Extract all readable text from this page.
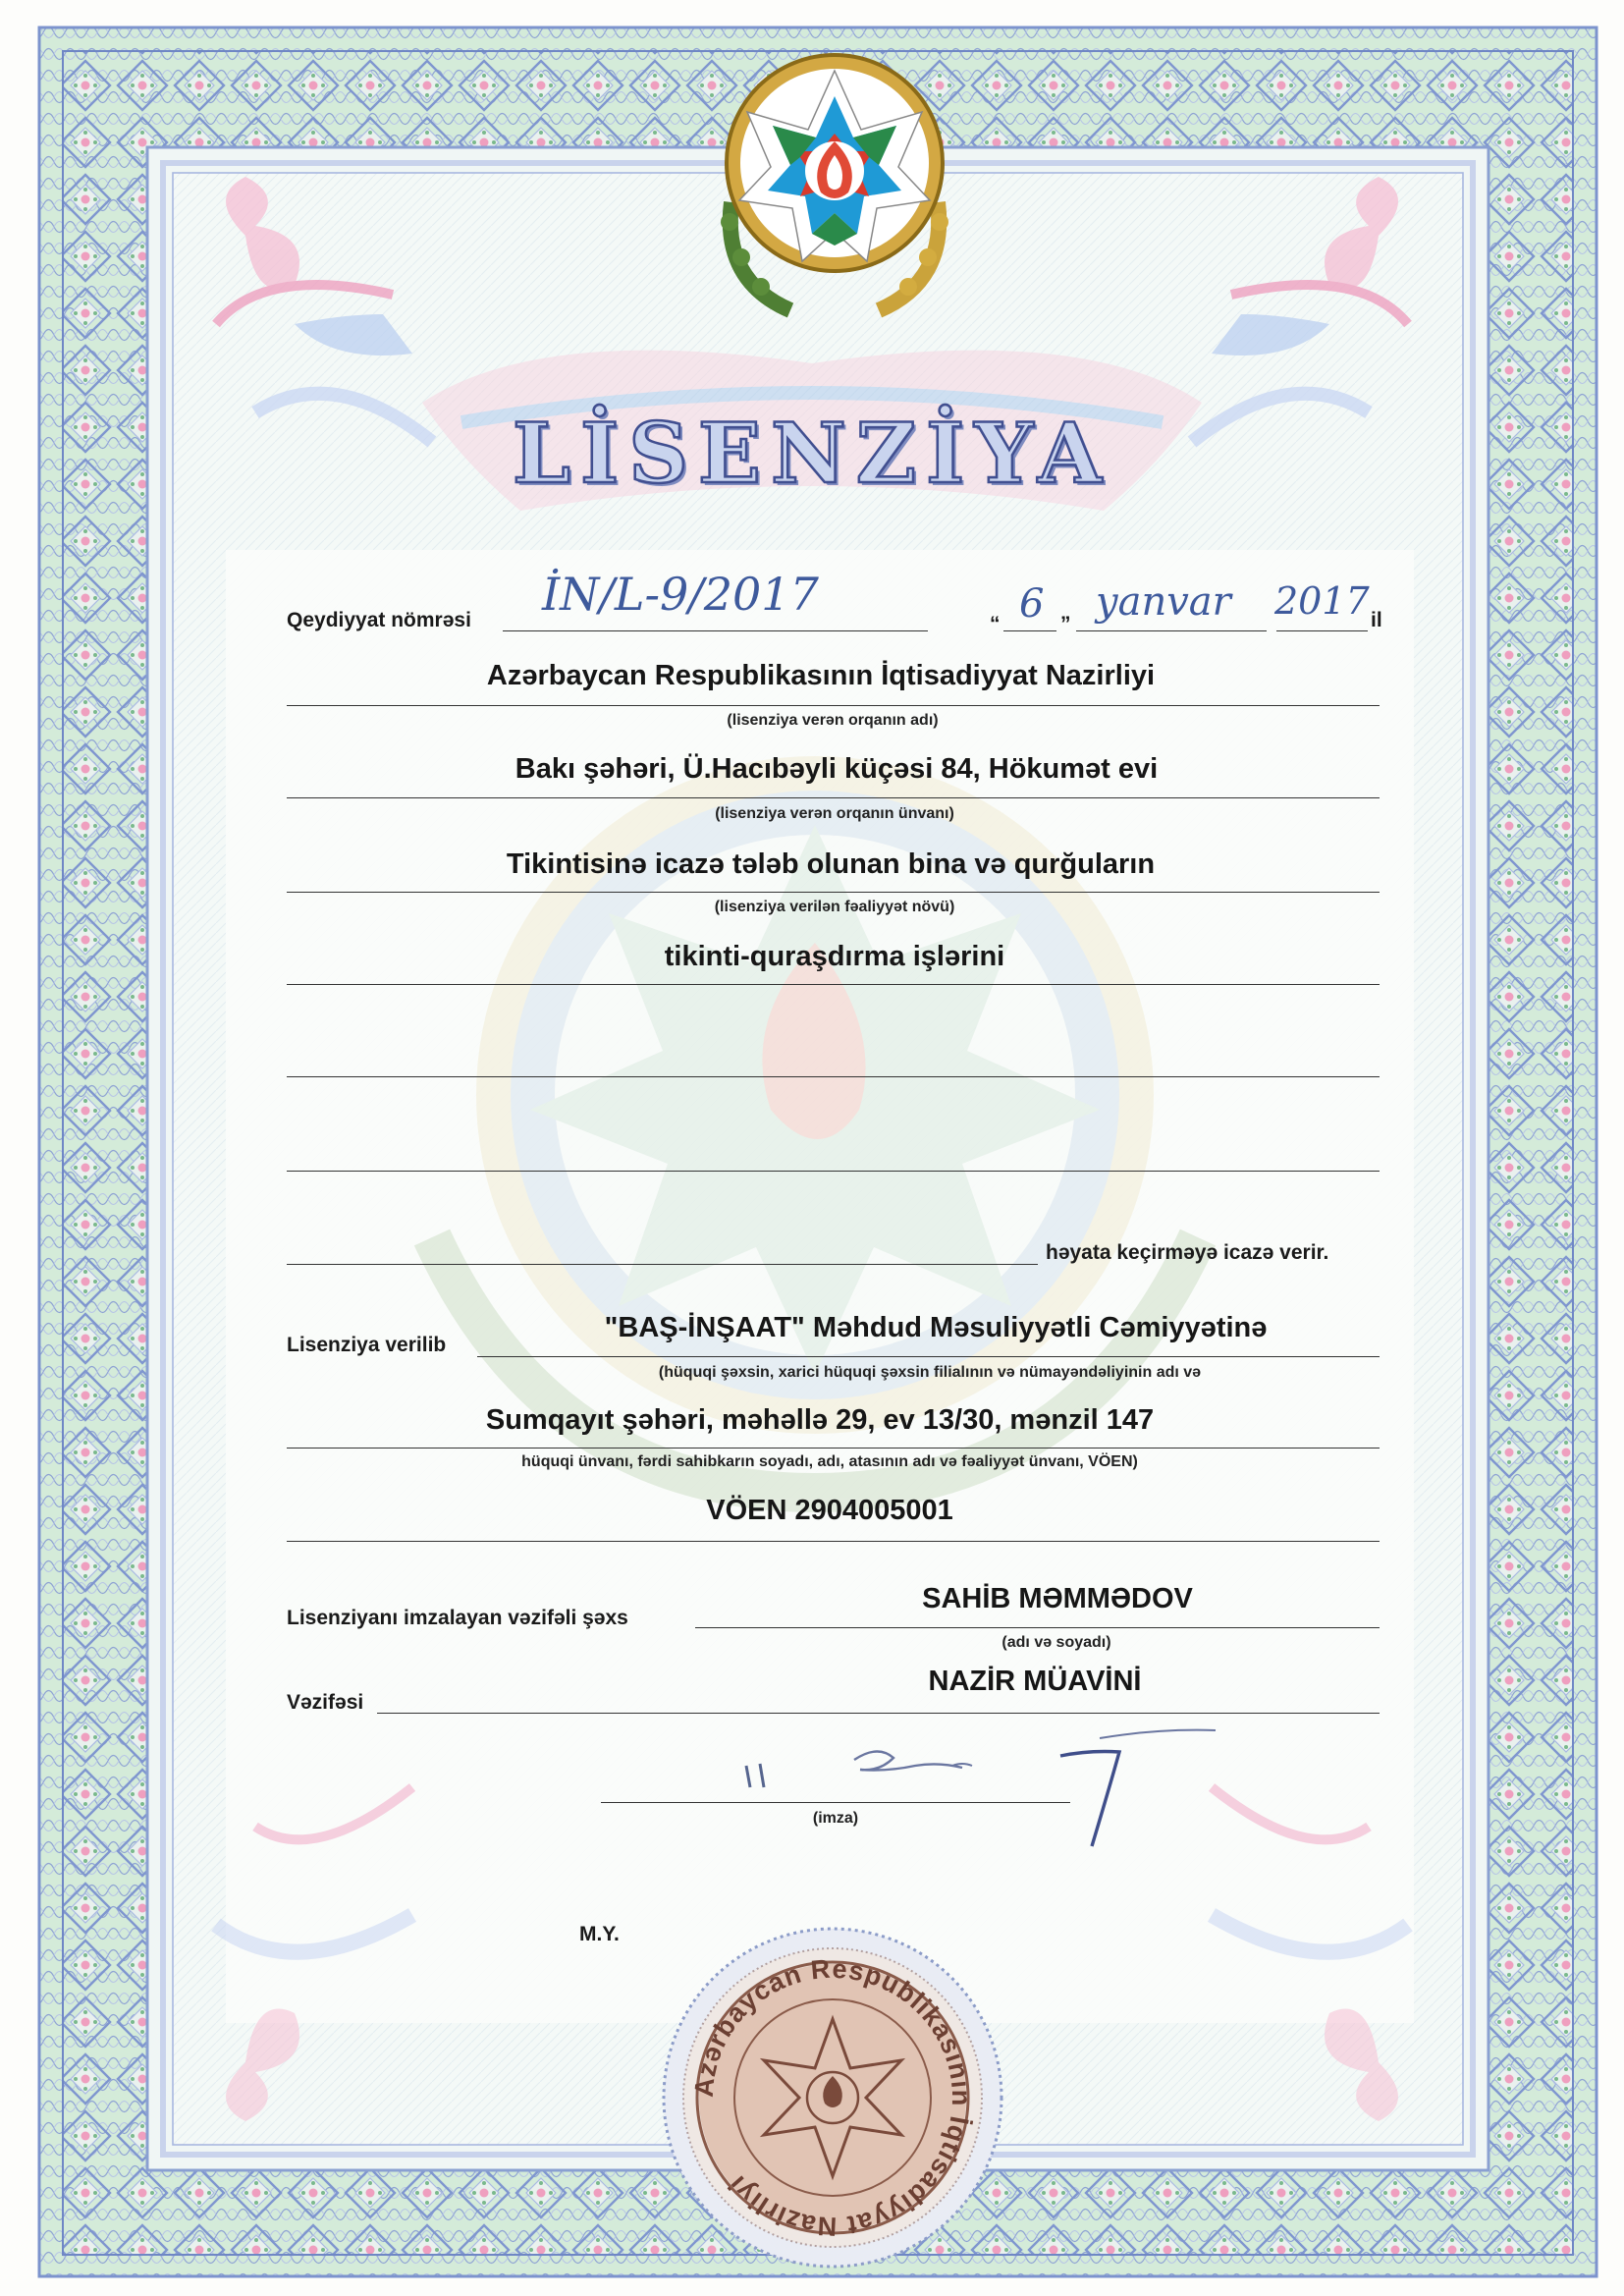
LİSENZİYA
Qeydiyyat nömrəsi İN/L-9/2017
“ 6 ” yanvar 2017 il
Azərbaycan Respublikasının İqtisadiyyat Nazirliyi
(lisenziya verən orqanın adı)
Bakı şəhəri, Ü.Hacıbəyli küçəsi 84, Hökumət evi
(lisenziya verən orqanın ünvanı)
Tikintisinə icazə tələb olunan bina və qurğuların
(lisenziya verilən fəaliyyət növü)
tikinti-quraşdırma işlərini
həyata keçirməyə icazə verir.
Lisenziya verilib
"BAŞ-İNŞAAT" Məhdud Məsuliyyətli Cəmiyyətinə
(hüquqi şəxsin, xarici hüquqi şəxsin filialının və nümayəndəliyinin adı və
Sumqayıt şəhəri, məhəllə 29, ev 13/30, mənzil 147
hüquqi ünvanı, fərdi sahibkarın soyadı, adı, atasının adı və fəaliyyət ünvanı, VÖEN)
VÖEN 2904005001
Lisenziyanı imzalayan vəzifəli şəxs
SAHİB MƏMMƏDOV
(adı və soyadı)
Vəzifəsi
NAZİR MÜAVİNİ
(imza)
M.Y.
Azərbaycan Respublikasının İqtisadiyyat Nazirliyi
